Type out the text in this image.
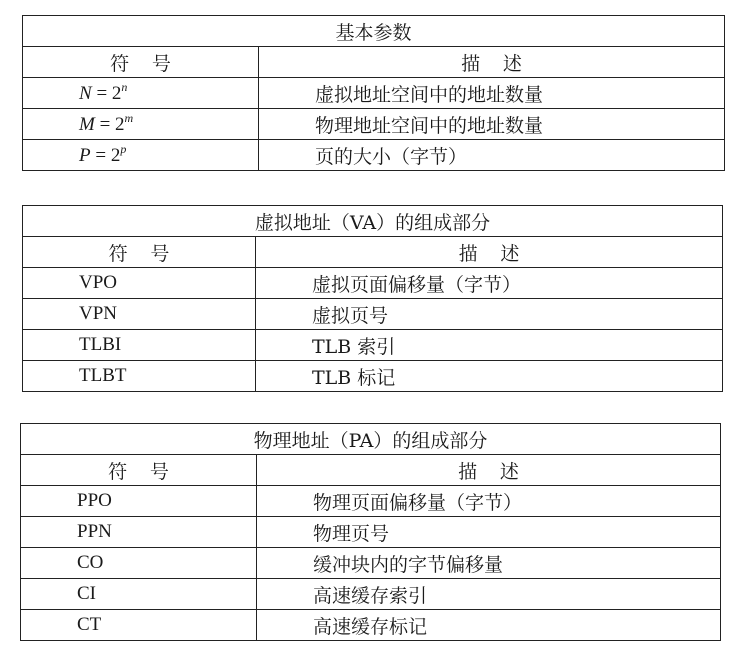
基本参数	
符号	描述
$N = 2^n$	虚拟地址空间中的地址数量
$M = 2^m$	物理地址空间中的地址数量
$P = 2^p$	页的大小（字节）
虚拟地址（VA）的组成部分	
符号	描述
VPO	虚拟页面偏移量（字节）
VPN	虚拟页号
TLBI	TLB 索引
TLBT	TLB 标记
物理地址（PA）的组成部分	
符号	描述
PPO	物理页面偏移量（字节）
PPN	物理页号
CO	缓冲块内的字节偏移量
CI	高速缓存索引
CT	高速缓存标记
